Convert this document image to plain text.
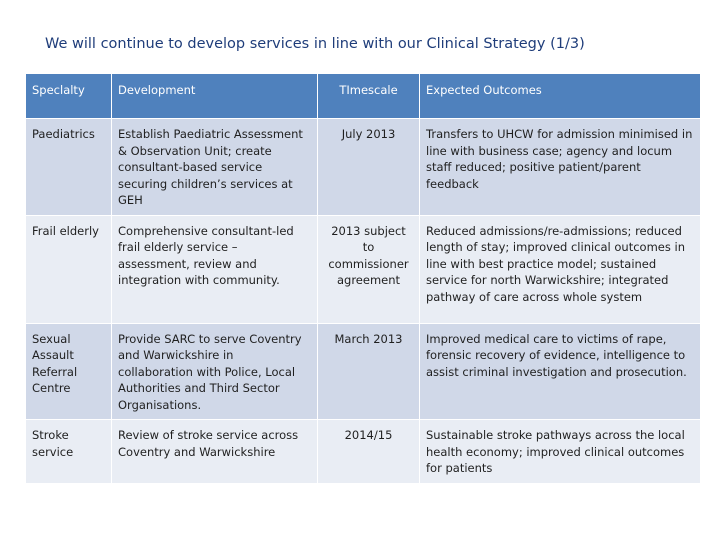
We will continue to develop services in line with our Clinical Strategy (1/3)
Speclalty	Development	TImescale	Expected Outcomes
Paediatrics	Establish Paediatric Assessment & Observation Unit; create consultant-based service securing children’s services at GEH	July 2013	Transfers to UHCW for admission minimised in line with business case; agency and locum staff reduced; positive patient/parent feedback
Frail elderly	Comprehensive consultant-led frail elderly service – assessment, review and integration with community.	2013 subject to commissioner agreement	Reduced admissions/re-admissions; reduced length of stay; improved clinical outcomes in line with best practice model; sustained service for north Warwickshire; integrated pathway of care across whole system
Sexual Assault Referral Centre	Provide SARC to serve Coventry and Warwickshire in collaboration with Police, Local Authorities and Third Sector Organisations.	March 2013	Improved medical care to victims of rape, forensic recovery of evidence, intelligence to assist criminal investigation and prosecution.
Stroke service	Review of stroke service across Coventry and Warwickshire	2014/15	Sustainable stroke pathways across the local health economy; improved clinical outcomes for patients
